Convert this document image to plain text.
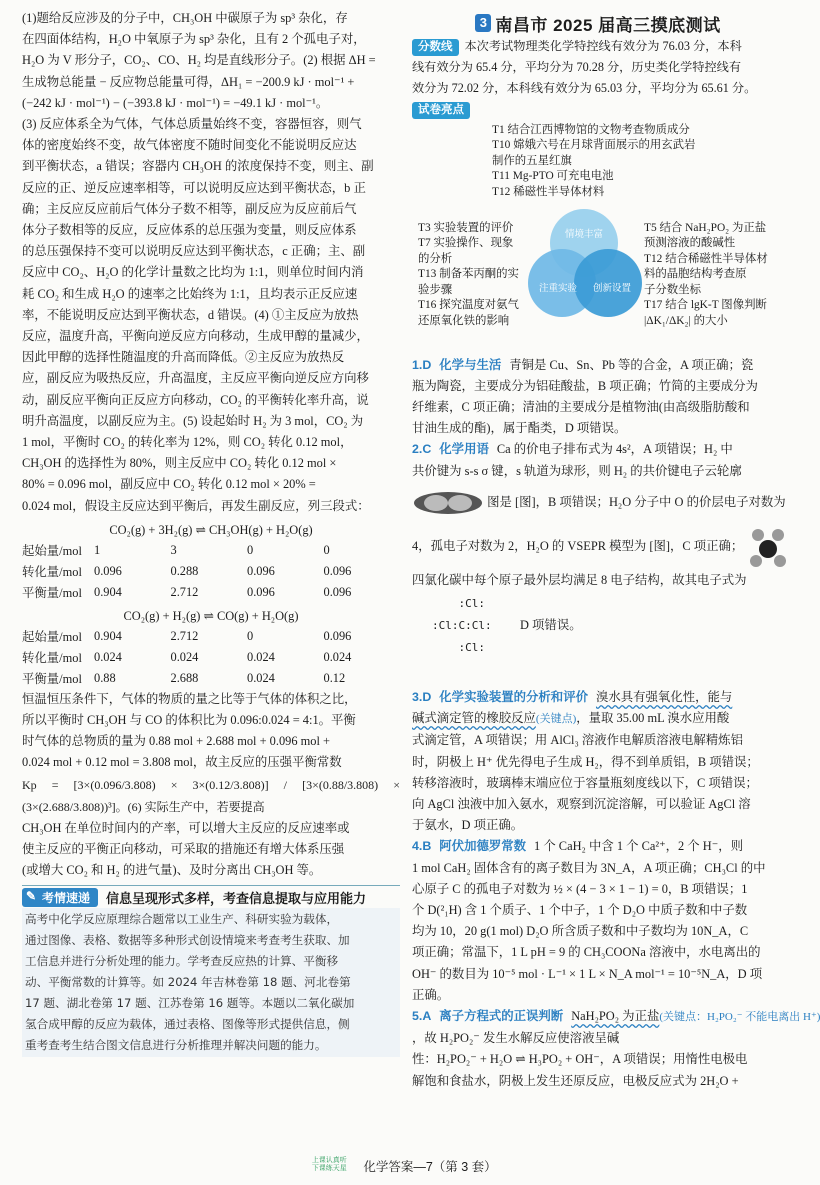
(1)题给反应涉及的分子中，CH₃OH 中碳原子为 sp³ 杂化，存
在四面体结构，H₂O 中氧原子为 sp³ 杂化，且有 2 个孤电子对，
H₂O 为 V 形分子，CO₂、CO、H₂ 均是直线形分子。(2) 根据 ΔH =
生成物总能量 − 反应物总能量可得，ΔH₁ = −200.9 kJ · mol⁻¹ +
(−242 kJ · mol⁻¹) − (−393.8 kJ · mol⁻¹) = −49.1 kJ · mol⁻¹。
(3) 反应体系全为气体，气体总质量始终不变，容器恒容，则气
体的密度始终不变，故气体密度不随时间变化不能说明反应达
到平衡状态，a 错误；容器内 CH₃OH 的浓度保持不变，则主、副
反应的正、逆反应速率相等，可以说明反应达到平衡状态，b 正
确；主反应反应前后气体分子数不相等，副反应为反应前后气
体分子数相等的反应，反应体系的总压强为变量，则反应体系
的总压强保持不变可以说明反应达到平衡状态，c 正确；主、副
反应中 CO₂、H₂O 的化学计量数之比均为 1:1，则单位时间内消
耗 CO₂ 和生成 H₂O 的速率之比始终为 1:1，且均表示正反应速
率，不能说明反应达到平衡状态，d 错误。(4) ①主反应为放热
反应，温度升高，平衡向逆反应方向移动，生成甲醇的量减少，
因此甲醇的选择性随温度的升高而降低。②主反应为放热反
应，副反应为吸热反应，升高温度，主反应平衡向逆反应方向移
动，副反应平衡向正反应方向移动，CO₂ 的平衡转化率升高，说
明升高温度，以副反应为主。(5) 设起始时 H₂ 为 3 mol，CO₂ 为
1 mol，平衡时 CO₂ 的转化率为 12%，则 CO₂ 转化 0.12 mol，
CH₃OH 的选择性为 80%，则主反应中 CO₂ 转化 0.12 mol ×
80% = 0.096 mol，副反应中 CO₂ 转化 0.12 mol × 20% =
0.024 mol，假设主反应达到平衡后，再发生副反应，列三段式：
CO₂(g) + 3H₂(g) ⇌ CH₃OH(g) + H₂O(g)
起始量/mol	1	3	0	0
转化量/mol	0.096	0.288	0.096	0.096
平衡量/mol	0.904	2.712	0.096	0.096
CO₂(g) + H₂(g) ⇌ CO(g) + H₂O(g)
起始量/mol	0.904	2.712	0	0.096
转化量/mol	0.024	0.024	0.024	0.024
平衡量/mol	0.88	2.688	0.024	0.12
恒温恒压条件下，气体的物质的量之比等于气体的体积之比，
所以平衡时 CH₃OH 与 CO 的体积比为 0.096:0.024 = 4:1。平衡
时气体的总物质的量为 0.88 mol + 2.688 mol + 0.096 mol +
0.024 mol + 0.12 mol = 3.808 mol，故主反应的压强平衡常数
Kp = [3×(0.096/3.808) × 3×(0.12/3.808)] / [3×(0.88/3.808) × (3×(2.688/3.808))³]。(6) 实际生产中，若要提高
CH₃OH 在单位时间内的产率，可以增大主反应的反应速率或
使主反应的平衡正向移动，可采取的措施还有增大体系压强
(或增大 CO₂ 和 H₂ 的进气量)、及时分离出 CH₃OH 等。
✎ 考情速递	信息呈现形式多样，考查信息提取与应用能力
高考中化学反应原理综合题常以工业生产、科研实验为载体，
通过图像、表格、数据等多种形式创设情境来考查考生获取、加
工信息并进行分析处理的能力。学考查反应热的计算、平衡移
动、平衡常数的计算等。如 2024 年吉林卷第 18 题、河北卷第
17 题、湖北卷第 17 题、江苏卷第 16 题等。本题以二氧化碳加
氢合成甲醇的反应为载体，通过表格、图像等形式提供信息，侧
重考查考生结合图文信息进行分析推理并解决问题的能力。
3 南昌市 2025 届高三摸底测试
分数线 本次考试物理类化学特控线有效分为 76.03 分，本科
线有效分为 65.4 分，平均分为 70.28 分，历史类化学特控线有
效分为 72.02 分，本科线有效分为 65.03 分，平均分为 65.61 分。
试卷亮点
T1 结合江西博物馆的文物考查物质成分
T10 嫦娥六号在月球背面展示的用玄武岩
制作的五星红旗
T11 Mg-PTO 可充电电池
T12 稀磁性半导体材料
情境丰富
注重实验 创新设置
T3 实验装置的评价
T7 实验操作、现象
的分析
T13 制备苯丙酮的实
验步骤
T16 探究温度对氨气
还原氧化铁的影响
T5 结合 NaH₂PO₂ 为正盐
预测溶液的酸碱性
T12 结合稀磁性半导体材
料的晶胞结构考查原
子分数坐标
T17 结合 lgK-T 图像判断
|ΔK₁/ΔK₂| 的大小
1.D 化学与生活 青铜是 Cu、Sn、Pb 等的合金，A 项正确；瓷
瓶为陶瓷，主要成分为铝硅酸盐，B 项正确；竹简的主要成分为
纤维素，C 项正确；清油的主要成分是植物油(由高级脂肪酸和
甘油生成的酯)，属于酯类，D 项错误。
2.C 化学用语 Ca 的价电子排布式为 4s²，A 项错误；H₂ 中
共价键为 s-s σ 键，s 轨道为球形，则 H₂ 的共价键电子云轮廓
图是 [图]，B 项错误；H₂O 分子中 O 的价层电子对数为
4，孤电子对数为 2，H₂O 的 VSEPR 模型为 [图]，C 项正确；
四氯化碳中每个原子最外层均满足 8 电子结构，故其电子式为
:Cl:
:Cl:C:Cl:
:Cl:
D 项错误。
3.D 化学实验装置的分析和评价 溴水具有强氧化性，能与
碱式滴定管的橡胶反应(关键点)，量取 35.00 mL 溴水应用酸
式滴定管，A 项错误；用 AlCl₃ 溶液作电解质溶液电解精炼铝
时，阴极上 H⁺ 优先得电子生成 H₂，得不到单质铝，B 项错误；
转移溶液时，玻璃棒末端应位于容量瓶刻度线以下，C 项错误；
向 AgCl 浊液中加入氨水，观察到沉淀溶解，可以验证 AgCl 溶
于氨水，D 项正确。
4.B 阿伏加德罗常数 1 个 CaH₂ 中含 1 个 Ca²⁺，2 个 H⁻，则
1 mol CaH₂ 固体含有的离子数目为 3N_A，A 项正确；CH₃Cl 的中
心原子 C 的孤电子对数为 ½ × (4 − 3 × 1 − 1) = 0，B 项错误；1
个 D(²₁H) 含 1 个质子、1 个中子，1 个 D₂O 中质子数和中子数
均为 10，20 g(1 mol) D₂O 所含质子数和中子数均为 10N_A，C
项正确；常温下，1 L pH = 9 的 CH₃COONa 溶液中，水电离出的
OH⁻ 的数目为 10⁻⁵ mol · L⁻¹ × 1 L × N_A mol⁻¹ = 10⁻⁵N_A，D 项
正确。
5.A 离子方程式的正误判断 NaH₂PO₂ 为正盐(关键点：H₂PO₂⁻ 不能电离出 H⁺)
，故 H₂PO₂⁻ 发生水解反应使溶液呈碱
性：H₂PO₂⁻ + H₂O ⇌ H₃PO₂ + OH⁻，A 项错误；用惰性电极电
解饱和食盐水，阴极上发生还原反应，电极反应式为 2H₂O +
上课认真听
下课练天星	化学答案—7（第 3 套）
